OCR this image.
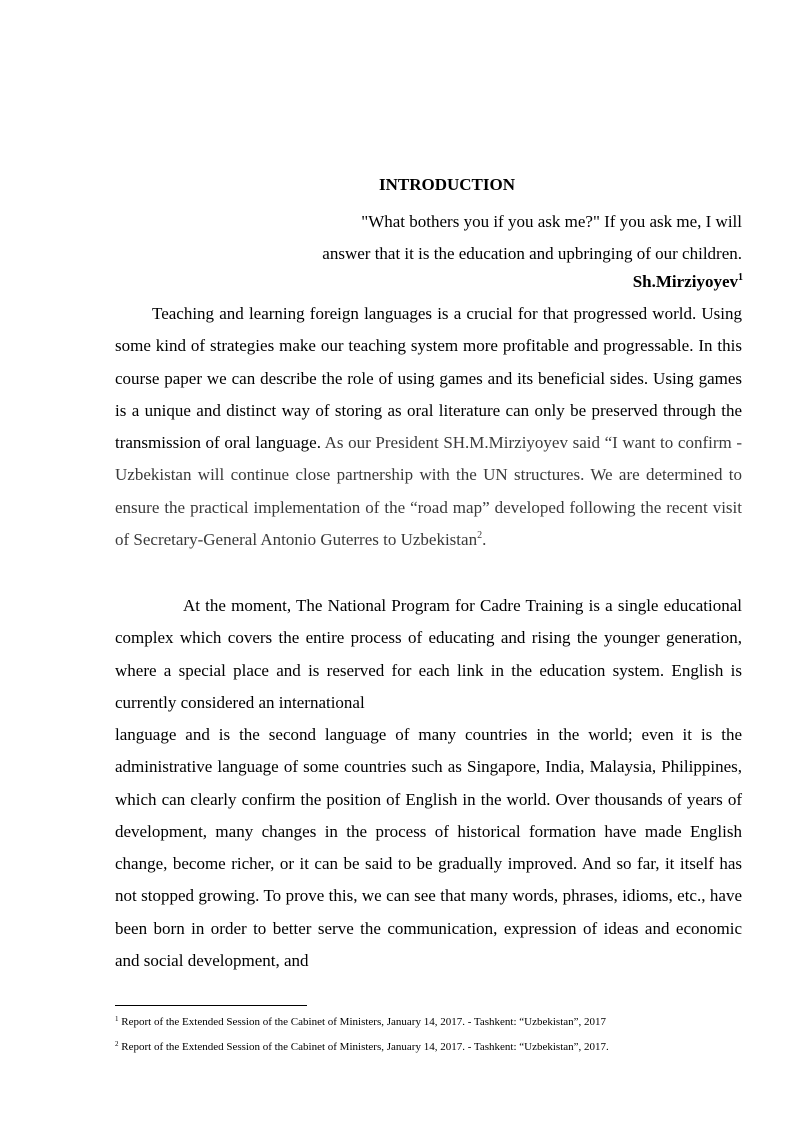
INTRODUCTION
"What bothers you if you ask me?" If you ask me, I will
answer that it is the education and upbringing of our children.
Sh.Mirziyoyev$^1$

Teaching and learning foreign languages is a crucial for that progressed world. Using some kind of strategies make our teaching system more profitable and progressable. In this course paper we can describe the role of using games and its beneficial sides. Using games is a unique and distinct way of storing as oral literature can only be preserved through the transmission of oral language. As our President SH.M.Mirziyoyev said “I want to confirm -Uzbekistan will continue close partnership with the UN structures. We are determined to ensure the practical implementation of the “road map” developed following the recent visit of Secretary-General Antonio Guterres to Uzbekistan$^2$.

At the moment, The National Program for Cadre Training is a single educational complex which covers the entire process of educating and rising the younger generation, where a special place and is reserved for each link in the education system. English is currently considered an international

language and is the second language of many countries in the world; even it is the administrative language of some countries such as Singapore, India, Malaysia, Philippines, which can clearly confirm the position of English in the world. Over thousands of years of development, many changes in the process of historical formation have made English change, become richer, or it can be said to be gradually improved. And so far, it itself has not stopped growing. To prove this, we can see that many words, phrases, idioms, etc., have been born in order to better serve the communication, expression of ideas and economic and social development, and

$^1$ Report of the Extended Session of the Cabinet of Ministers, January 14, 2017. - Tashkent: “Uzbekistan”, 2017

$^2$ Report of the Extended Session of the Cabinet of Ministers, January 14, 2017. - Tashkent: “Uzbekistan”, 2017.
